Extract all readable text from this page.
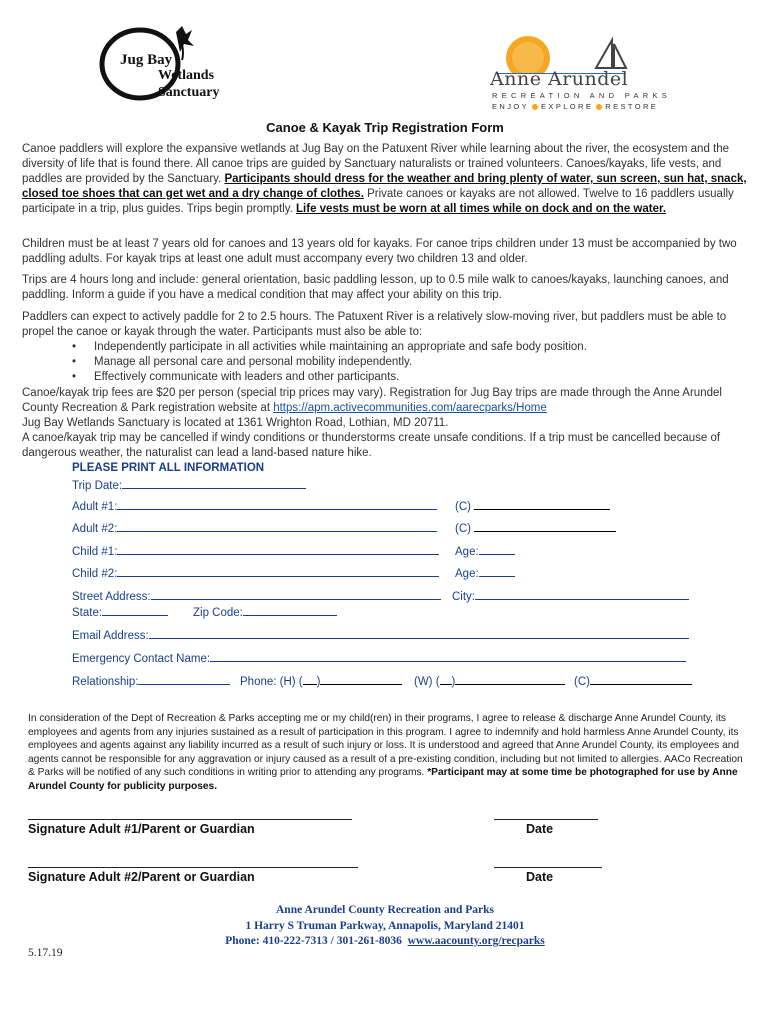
Jug Bay
Wetlands
Sanctuary
Anne Arundel
RECREATION AND PARKS
ENJOY EXPLORE RESTORE
Canoe & Kayak Trip Registration Form
Canoe paddlers will explore the expansive wetlands at Jug Bay on the Patuxent River while learning about the river, the ecosystem and the diversity of life that is found there. All canoe trips are guided by Sanctuary naturalists or trained volunteers. Canoes/kayaks, life vests, and paddles are provided by the Sanctuary. Participants should dress for the weather and bring plenty of water, sun screen, sun hat, snack, closed toe shoes that can get wet and a dry change of clothes. Private canoes or kayaks are not allowed. Twelve to 16 paddlers usually participate in a trip, plus guides. Trips begin promptly. Life vests must be worn at all times while on dock and on the water.
Children must be at least 7 years old for canoes and 13 years old for kayaks. For canoe trips children under 13 must be accompanied by two paddling adults. For kayak trips at least one adult must accompany every two children 13 and older.
Trips are 4 hours long and include: general orientation, basic paddling lesson, up to 0.5 mile walk to canoes/kayaks, launching canoes, and paddling. Inform a guide if you have a medical condition that may affect your ability on this trip.
Paddlers can expect to actively paddle for 2 to 2.5 hours. The Patuxent River is a relatively slow-moving river, but paddlers must be able to propel the canoe or kayak through the water. Participants must also be able to:
• Independently participate in all activities while maintaining an appropriate and safe body position.
• Manage all personal care and personal mobility independently.
• Effectively communicate with leaders and other participants.
Canoe/kayak trip fees are $20 per person (special trip prices may vary). Registration for Jug Bay trips are made through the Anne Arundel County Recreation & Park registration website at https://apm.activecommunities.com/aarecparks/Home
Jug Bay Wetlands Sanctuary is located at 1361 Wrighton Road, Lothian, MD 20711.
A canoe/kayak trip may be cancelled if windy conditions or thunderstorms create unsafe conditions. If a trip must be cancelled because of dangerous weather, the naturalist can lead a land-based nature hike.
PLEASE PRINT ALL INFORMATION
Trip Date:
Adult #1:	(C)
Adult #2:	(C)
Child #1:	Age:
Child #2:	Age:
Street Address:	City:
State:	Zip Code:
Email Address:
Emergency Contact Name:
Relationship:	Phone: (H) ( )	(W) ( )	(C)
In consideration of the Dept of Recreation & Parks accepting me or my child(ren) in their programs, I agree to release & discharge Anne Arundel County, its employees and agents from any injuries sustained as a result of participation in this program. I agree to indemnify and hold harmless Anne Arundel County, its employees and agents against any liability incurred as a result of such injury or loss. It is understood and agreed that Anne Arundel County, its employees and agents cannot be responsible for any aggravation or injury caused as a result of a pre-existing condition, including but not limited to allergies. AACo Recreation & Parks will be notified of any such conditions in writing prior to attending any programs. *Participant may at some time be photographed for use by Anne Arundel County for publicity purposes.
Signature Adult #1/Parent or Guardian	Date
Signature Adult #2/Parent or Guardian	Date
Anne Arundel County Recreation and Parks
1 Harry S Truman Parkway, Annapolis, Maryland 21401
Phone: 410-222-7313 / 301-261-8036 www.aacounty.org/recparks
5.17.19
